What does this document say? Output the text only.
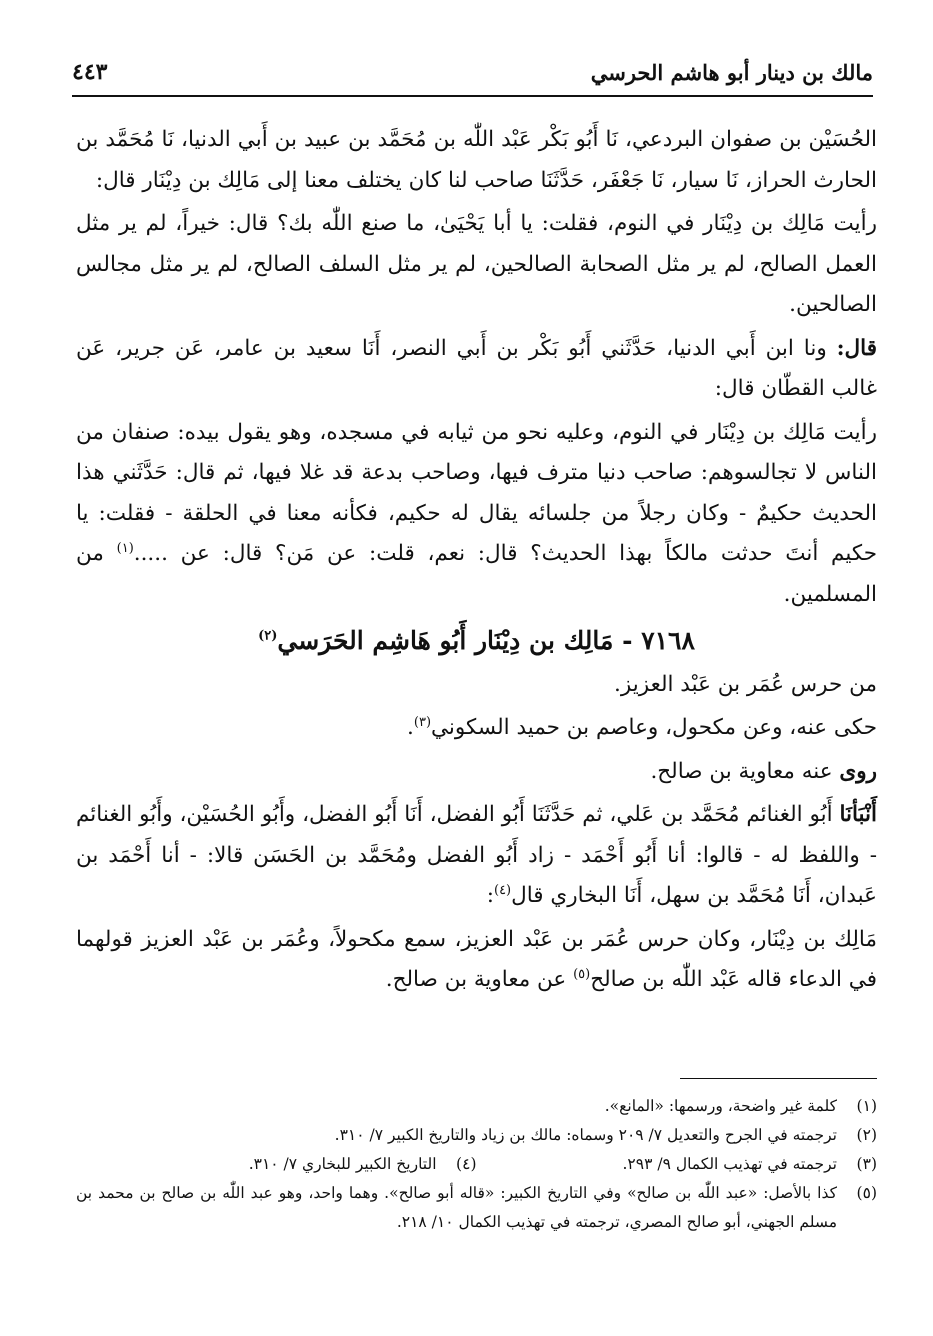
مالك بن دينار أبو هاشم الحرسي
٤٤٣

الحُسَيْن بن صفوان البردعي، نَا أَبُو بَكْر عَبْد اللّٰه بن مُحَمَّد بن عبيد بن أَبي الدنيا، نَا مُحَمَّد بن الحارث الحراز، نَا سيار، نَا جَعْفَر، حَدَّثَنَا صاحب لنا كان يختلف معنا إلى مَالِك بن دِيْنَار قال:

رأيت مَالِك بن دِيْنَار في النوم، فقلت: يا أبا يَحْيَىٰ، ما صنع اللّٰه بك؟ قال: خيراً، لم ير مثل العمل الصالح، لم ير مثل الصحابة الصالحين، لم ير مثل السلف الصالح، لم ير مثل مجالس الصالحين.

قال: ونا ابن أَبي الدنيا، حَدَّثَني أَبُو بَكْر بن أَبي النصر، أَنَا سعيد بن عامر، عَن جرير، عَن غالب القطّان قال:

رأيت مَالِك بن دِيْنَار في النوم، وعليه نحو من ثيابه في مسجده، وهو يقول بيده: صنفان من الناس لا تجالسوهم: صاحب دنيا مترف فيها، وصاحب بدعة قد غلا فيها، ثم قال: حَدَّثَني هذا الحديث حكيمٌ - وكان رجلاً من جلسائه يقال له حكيم، فكأنه معنا في الحلقة - فقلت: يا حكيم أنتَ حدثت مالكاً بهذا الحديث؟ قال: نعم، قلت: عن مَن؟ قال: عن .....$^{(١)}$ من المسلمين.

٧١٦٨ - مَالِك بن دِيْنَار أَبُو هَاشِم الحَرَسي$^{(٢)}$

من حرس عُمَر بن عَبْد العزيز.

حكى عنه، وعن مكحول، وعاصم بن حميد السكوني$^{(٣)}$.

روى عنه معاوية بن صالح.

أَنْبَأنَا أَبُو الغنائم مُحَمَّد بن عَلي، ثم حَدَّثَنَا أَبُو الفضل، أَنَا أَبُو الفضل، وأَبُو الحُسَيْن، وأَبُو الغنائم - واللفظ له - قالوا: أنا أَبُو أَحْمَد - زاد أَبُو الفضل ومُحَمَّد بن الحَسَن قالا: - أنا أَحْمَد بن عَبدان، أَنَا مُحَمَّد بن سهل، أَنَا البخاري قال$^{(٤)}$:

مَالِك بن دِيْنَار، وكان حرس عُمَر بن عَبْد العزيز، سمع مكحولاً، وعُمَر بن عَبْد العزيز قولهما في الدعاء قاله عَبْد اللّٰه بن صالح$^{(٥)}$ عن معاوية بن صالح.

(١)
كلمة غير واضحة، ورسمها: «المانع».
(٢)
ترجمته في الجرح والتعديل ٧/ ٢٠٩ وسماه: مالك بن زياد والتاريخ الكبير ٧/ ٣١٠.
(٣)
ترجمته في تهذيب الكمال ٩/ ٢٩٣.
(٤)
التاريخ الكبير للبخاري ٧/ ٣١٠.
(٥)
كذا بالأصل: «عبد اللّٰه بن صالح» وفي التاريخ الكبير: «قاله أبو صالح». وهما واحد، وهو عبد اللّٰه بن صالح بن محمد بن مسلم الجهني، أبو صالح المصري، ترجمته في تهذيب الكمال ١٠/ ٢١٨.
